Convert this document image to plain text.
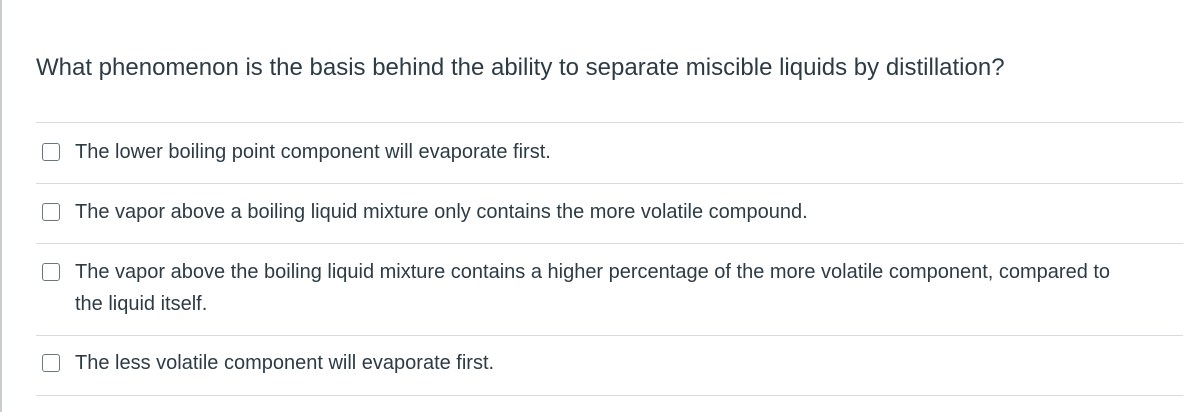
What phenomenon is the basis behind the ability to separate miscible liquids by distillation?
The lower boiling point component will evaporate first.
The vapor above a boiling liquid mixture only contains the more volatile compound.
The vapor above the boiling liquid mixture contains a higher percentage of the more volatile component, compared to the liquid itself.
The less volatile component will evaporate first.
